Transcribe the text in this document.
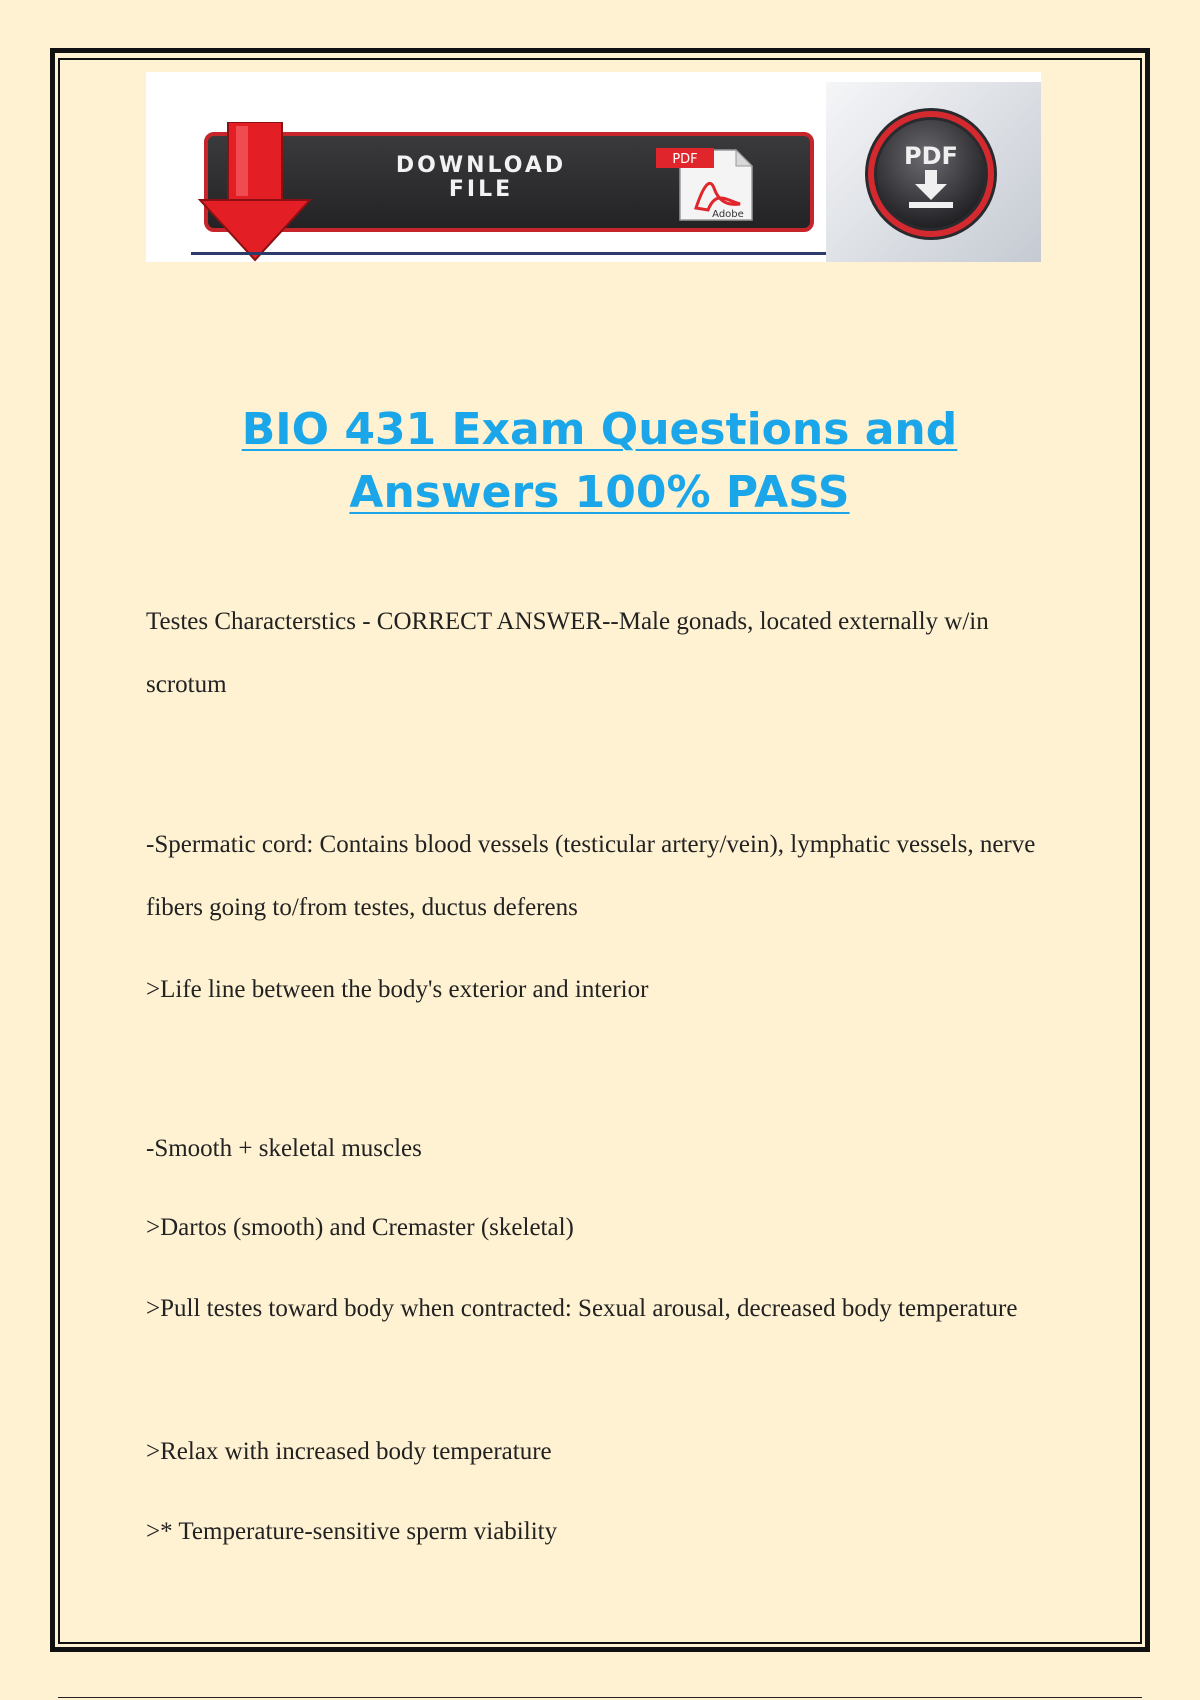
DOWNLOAD
FILE
PDF
Adobe
PDF
BIO 431 Exam Questions and Answers 100% PASS
Testes Characterstics - CORRECT ANSWER--Male gonads, located externally w/in scrotum
-Spermatic cord: Contains blood vessels (testicular artery/vein), lymphatic vessels, nerve fibers going to/from testes, ductus deferens
>Life line between the body's exterior and interior
-Smooth + skeletal muscles
>Dartos (smooth) and Cremaster (skeletal)
>Pull testes toward body when contracted: Sexual arousal, decreased body temperature
>Relax with increased body temperature
>* Temperature-sensitive sperm viability
